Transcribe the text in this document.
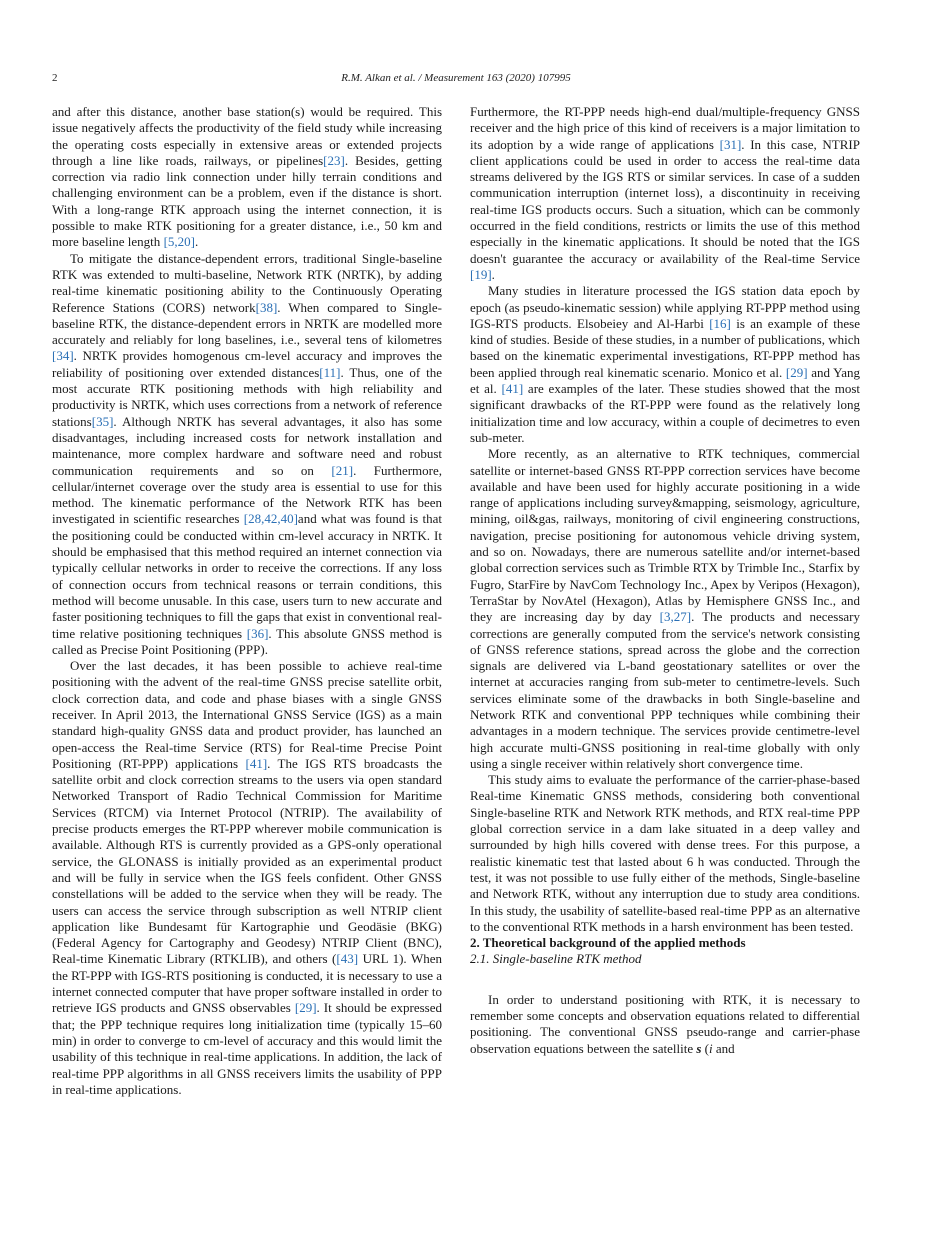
2	R.M. Alkan et al. / Measurement 163 (2020) 107995

and after this distance, another base station(s) would be required. This issue negatively affects the productivity of the field study while increasing the operating costs especially in extensive areas or extended projects through a line like roads, railways, or pipelines[23]. Besides, getting correction via radio link connection under hilly terrain conditions and challenging environment can be a problem, even if the distance is short. With a long-range RTK approach using the internet connection, it is possible to make RTK positioning for a greater distance, i.e., 50 km and more baseline length [5,20].

To mitigate the distance-dependent errors, traditional Single-baseline RTK was extended to multi-baseline, Network RTK (NRTK), by adding real-time kinematic positioning ability to the Continuously Operating Reference Stations (CORS) network[38]. When compared to Single-baseline RTK, the distance-dependent errors in NRTK are modelled more accurately and reliably for long baselines, i.e., several tens of kilometres [34]. NRTK provides homogenous cm-level accuracy and improves the reliability of positioning over extended distances[11]. Thus, one of the most accurate RTK positioning methods with high reliability and productivity is NRTK, which uses corrections from a network of reference stations[35]. Although NRTK has several advantages, it also has some disadvantages, including increased costs for network installation and maintenance, more complex hardware and software need and robust communication requirements and so on [21]. Furthermore, cellular/internet coverage over the study area is essential to use for this method. The kinematic performance of the Network RTK has been investigated in scientific researches [28,42,40]and what was found is that the positioning could be conducted within cm-level accuracy in NRTK. It should be emphasised that this method required an internet connection via typically cellular networks in order to receive the corrections. If any loss of connection occurs from technical reasons or terrain conditions, this method will become unusable. In this case, users turn to new accurate and faster positioning techniques to fill the gaps that exist in conventional real-time relative positioning techniques [36]. This absolute GNSS method is called as Precise Point Positioning (PPP).

Over the last decades, it has been possible to achieve real-time positioning with the advent of the real-time GNSS precise satellite orbit, clock correction data, and code and phase biases with a single GNSS receiver. In April 2013, the International GNSS Service (IGS) as a main standard high-quality GNSS data and product provider, has launched an open-access the Real-time Service (RTS) for Real-time Precise Point Positioning (RT-PPP) applications [41]. The IGS RTS broadcasts the satellite orbit and clock correction streams to the users via open standard Networked Transport of Radio Technical Commission for Maritime Services (RTCM) via Internet Protocol (NTRIP). The availability of precise products emerges the RT-PPP wherever mobile communication is available. Although RTS is currently provided as a GPS-only operational service, the GLONASS is initially provided as an experimental product and will be fully in service when the IGS feels confident. Other GNSS constellations will be added to the service when they will be ready. The users can access the service through subscription as well NTRIP client application like Bundesamt für Kartographie und Geodäsie (BKG) (Federal Agency for Cartography and Geodesy) NTRIP Client (BNC), Real-time Kinematic Library (RTKLIB), and others ([43] URL 1). When the RT-PPP with IGS-RTS positioning is conducted, it is necessary to use a internet connected computer that have proper software installed in order to retrieve IGS products and GNSS observables [29]. It should be expressed that; the PPP technique requires long initialization time (typically 15–60 min) in order to converge to cm-level of accuracy and this would limit the usability of this technique in real-time applications. In addition, the lack of real-time PPP algorithms in all GNSS receivers limits the usability of PPP in real-time applications.

Furthermore, the RT-PPP needs high-end dual/multiple-frequency GNSS receiver and the high price of this kind of receivers is a major limitation to its adoption by a wide range of applications [31]. In this case, NTRIP client applications could be used in order to access the real-time data streams delivered by the IGS RTS or similar services. In case of a sudden communication interruption (internet loss), a discontinuity in receiving real-time IGS products occurs. Such a situation, which can be commonly occurred in the field conditions, restricts or limits the use of this method especially in the kinematic applications. It should be noted that the IGS doesn't guarantee the accuracy or availability of the Real-time Service [19].

Many studies in literature processed the IGS station data epoch by epoch (as pseudo-kinematic session) while applying RT-PPP method using IGS-RTS products. Elsobeiey and Al-Harbi [16] is an example of these kind of studies. Beside of these studies, in a number of publications, which based on the kinematic experimental investigations, RT-PPP method has been applied through real kinematic scenario. Monico et al. [29] and Yang et al. [41] are examples of the later. These studies showed that the most significant drawbacks of the RT-PPP were found as the relatively long initialization time and low accuracy, within a couple of decimetres to even sub-meter.

More recently, as an alternative to RTK techniques, commercial satellite or internet-based GNSS RT-PPP correction services have become available and have been used for highly accurate positioning in a wide range of applications including survey&mapping, seismology, agriculture, mining, oil&gas, railways, monitoring of civil engineering constructions, navigation, precise positioning for autonomous vehicle driving system, and so on. Nowadays, there are numerous satellite and/or internet-based global correction services such as Trimble RTX by Trimble Inc., Starfix by Fugro, StarFire by NavCom Technology Inc., Apex by Veripos (Hexagon), TerraStar by NovAtel (Hexagon), Atlas by Hemisphere GNSS Inc., and they are increasing day by day [3,27]. The products and necessary corrections are generally computed from the service's network consisting of GNSS reference stations, spread across the globe and the correction signals are delivered via L-band geostationary satellites or over the internet at accuracies ranging from sub-meter to centimetre-levels. Such services eliminate some of the drawbacks in both Single-baseline and Network RTK and conventional PPP techniques while combining their advantages in a modern technique. The services provide centimetre-level high accurate multi-GNSS positioning in real-time globally with only using a single receiver within relatively short convergence time.

This study aims to evaluate the performance of the carrier-phase-based Real-time Kinematic GNSS methods, considering both conventional Single-baseline RTK and Network RTK methods, and RTX real-time PPP global correction service in a dam lake situated in a deep valley and surrounded by high hills covered with dense trees. For this purpose, a realistic kinematic test that lasted about 6 h was conducted. Through the test, it was not possible to use fully either of the methods, Single-baseline and Network RTK, without any interruption due to study area conditions. In this study, the usability of satellite-based real-time PPP as an alternative to the conventional RTK methods in a harsh environment has been tested.

2. Theoretical background of the applied methods

2.1. Single-baseline RTK method

In order to understand positioning with RTK, it is necessary to remember some concepts and observation equations related to differential positioning. The conventional GNSS pseudo-range and carrier-phase observation equations between the satellite s (i and
